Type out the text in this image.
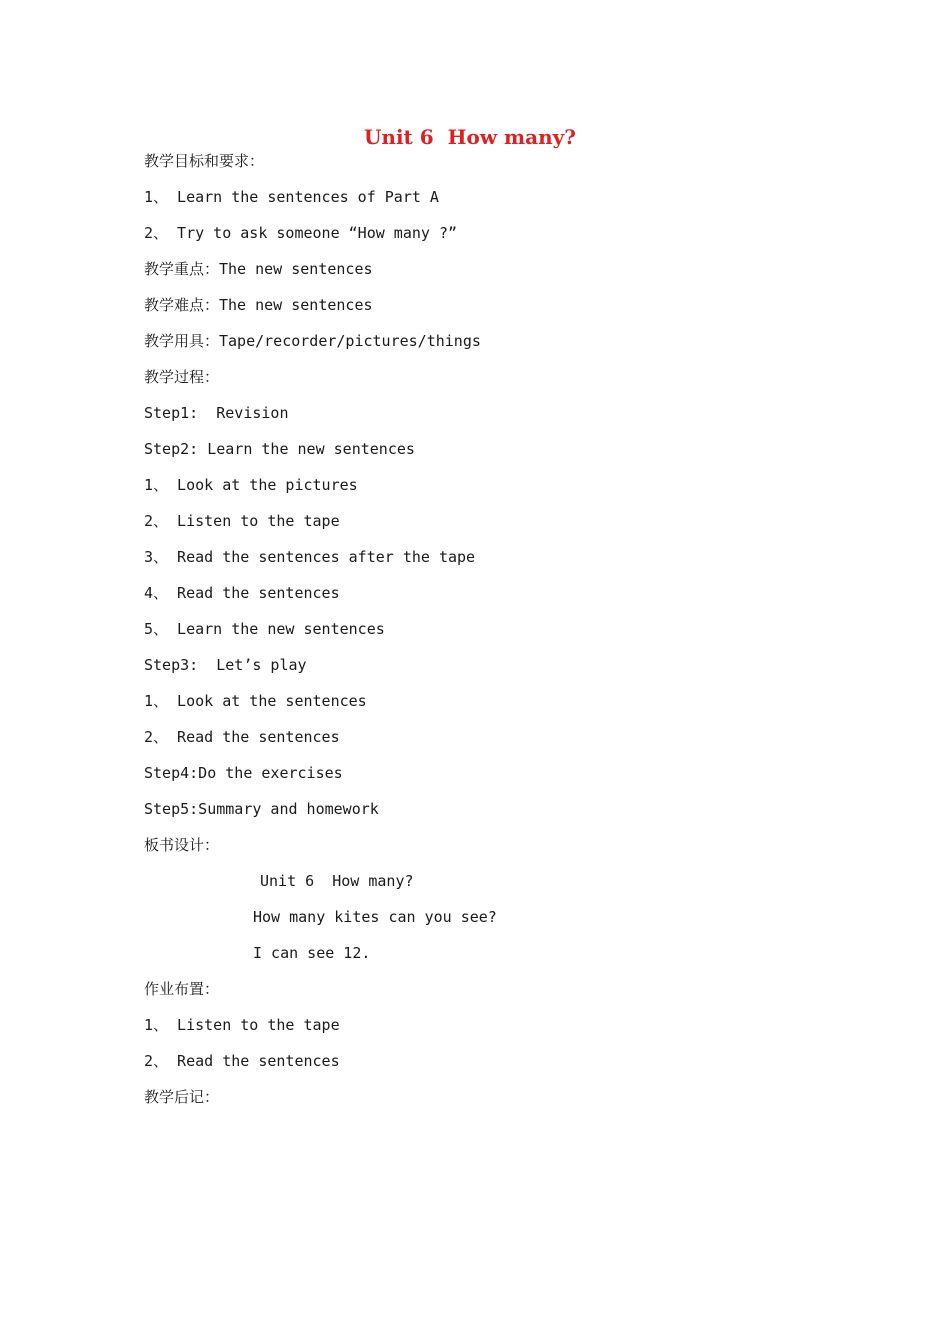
Unit 6  How many?
教学目标和要求：
1、 Learn the sentences of Part A
2、 Try to ask someone “How many ?”
教学重点：The new sentences
教学难点：The new sentences
教学用具：Tape/recorder/pictures/things
教学过程：
Step1:  Revision
Step2: Learn the new sentences
1、 Look at the pictures
2、 Listen to the tape
3、 Read the sentences after the tape
4、 Read the sentences
5、 Learn the new sentences
Step3:  Let’s play
1、 Look at the sentences
2、 Read the sentences
Step4:Do the exercises
Step5:Summary and homework
板书设计：
Unit 6  How many?
How many kites can you see?
I can see 12.
作业布置：
1、 Listen to the tape
2、 Read the sentences
教学后记：
